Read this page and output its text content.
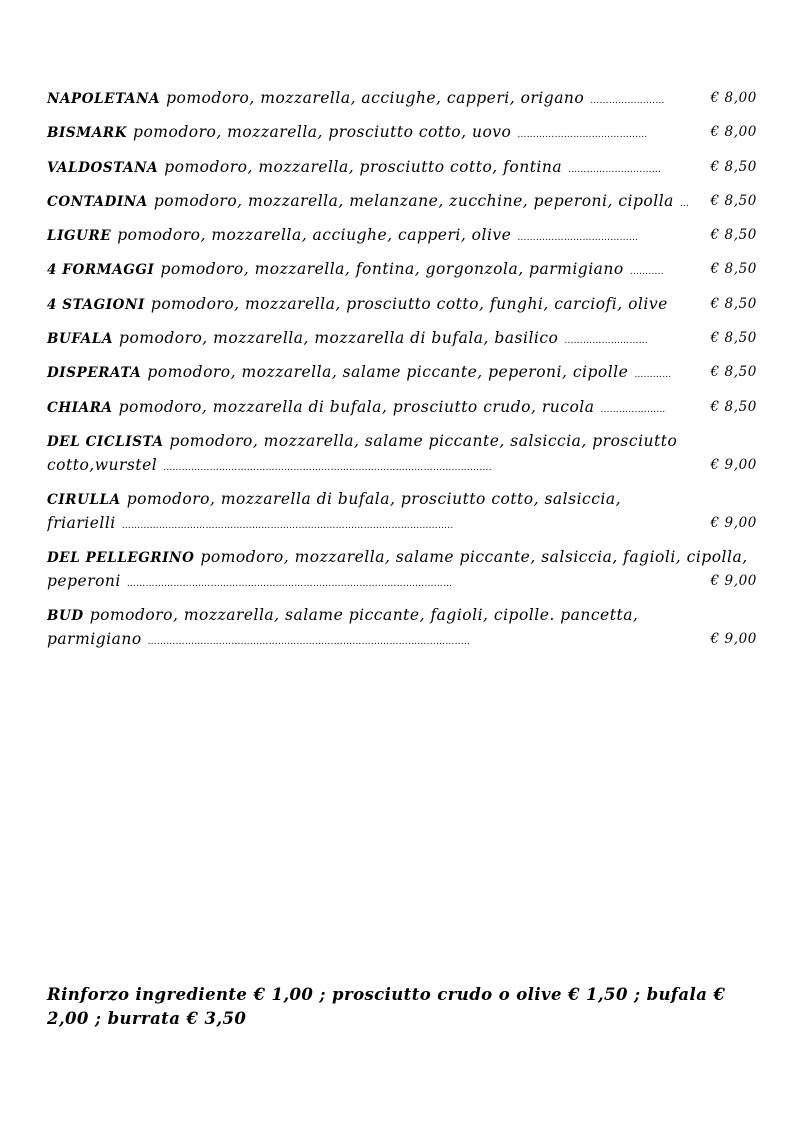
NAPOLETANA pomodoro, mozzarella, acciughe, capperi, origano ……………………	€ 8,00
BISMARK pomodoro, mozzarella, prosciutto cotto, uovo ……………………………………	€ 8,00
VALDOSTANA pomodoro, mozzarella, prosciutto cotto, fontina …………………………	€ 8,50
CONTADINA pomodoro, mozzarella, melanzane, zucchine, peperoni, cipolla … € 8,50
LIGURE pomodoro, mozzarella, acciughe, capperi, olive …………………………………	€ 8,50
4 FORMAGGI pomodoro, mozzarella, fontina, gorgonzola, parmigiano ………..	€ 8,50
4 STAGIONI pomodoro, mozzarella, prosciutto cotto, funghi, carciofi, olive	€ 8,50
BUFALA pomodoro, mozzarella, mozzarella di bufala, basilico ………………………	€ 8,50
DISPERATA pomodoro, mozzarella, salame piccante, peperoni, cipolle …………	€ 8,50
CHIARA pomodoro, mozzarella di bufala, prosciutto crudo, rucola …………………	€ 8,50
DEL CICLISTA pomodoro, mozzarella, salame piccante, salsiccia, prosciutto
cotto,wurstel …………………………………………………………………………………………….	€ 9,00
CIRULLA pomodoro, mozzarella di bufala, prosciutto cotto, salsiccia,
friarielli ……………………………………………………………………………………………..	€ 9,00
DEL PELLEGRINO pomodoro, mozzarella, salame piccante, salsiccia, fagioli, cipolla,
peperoni ……………………………………………………………………………………………	€ 9,00
BUD pomodoro, mozzarella, salame piccante, fagioli, cipolle. pancetta,
parmigiano …………………………………………………………………………………………..	€ 9,00
Rinforzo ingrediente € 1,00 ; prosciutto crudo o olive € 1,50 ; bufala € 2,00 ; burrata € 3,50
